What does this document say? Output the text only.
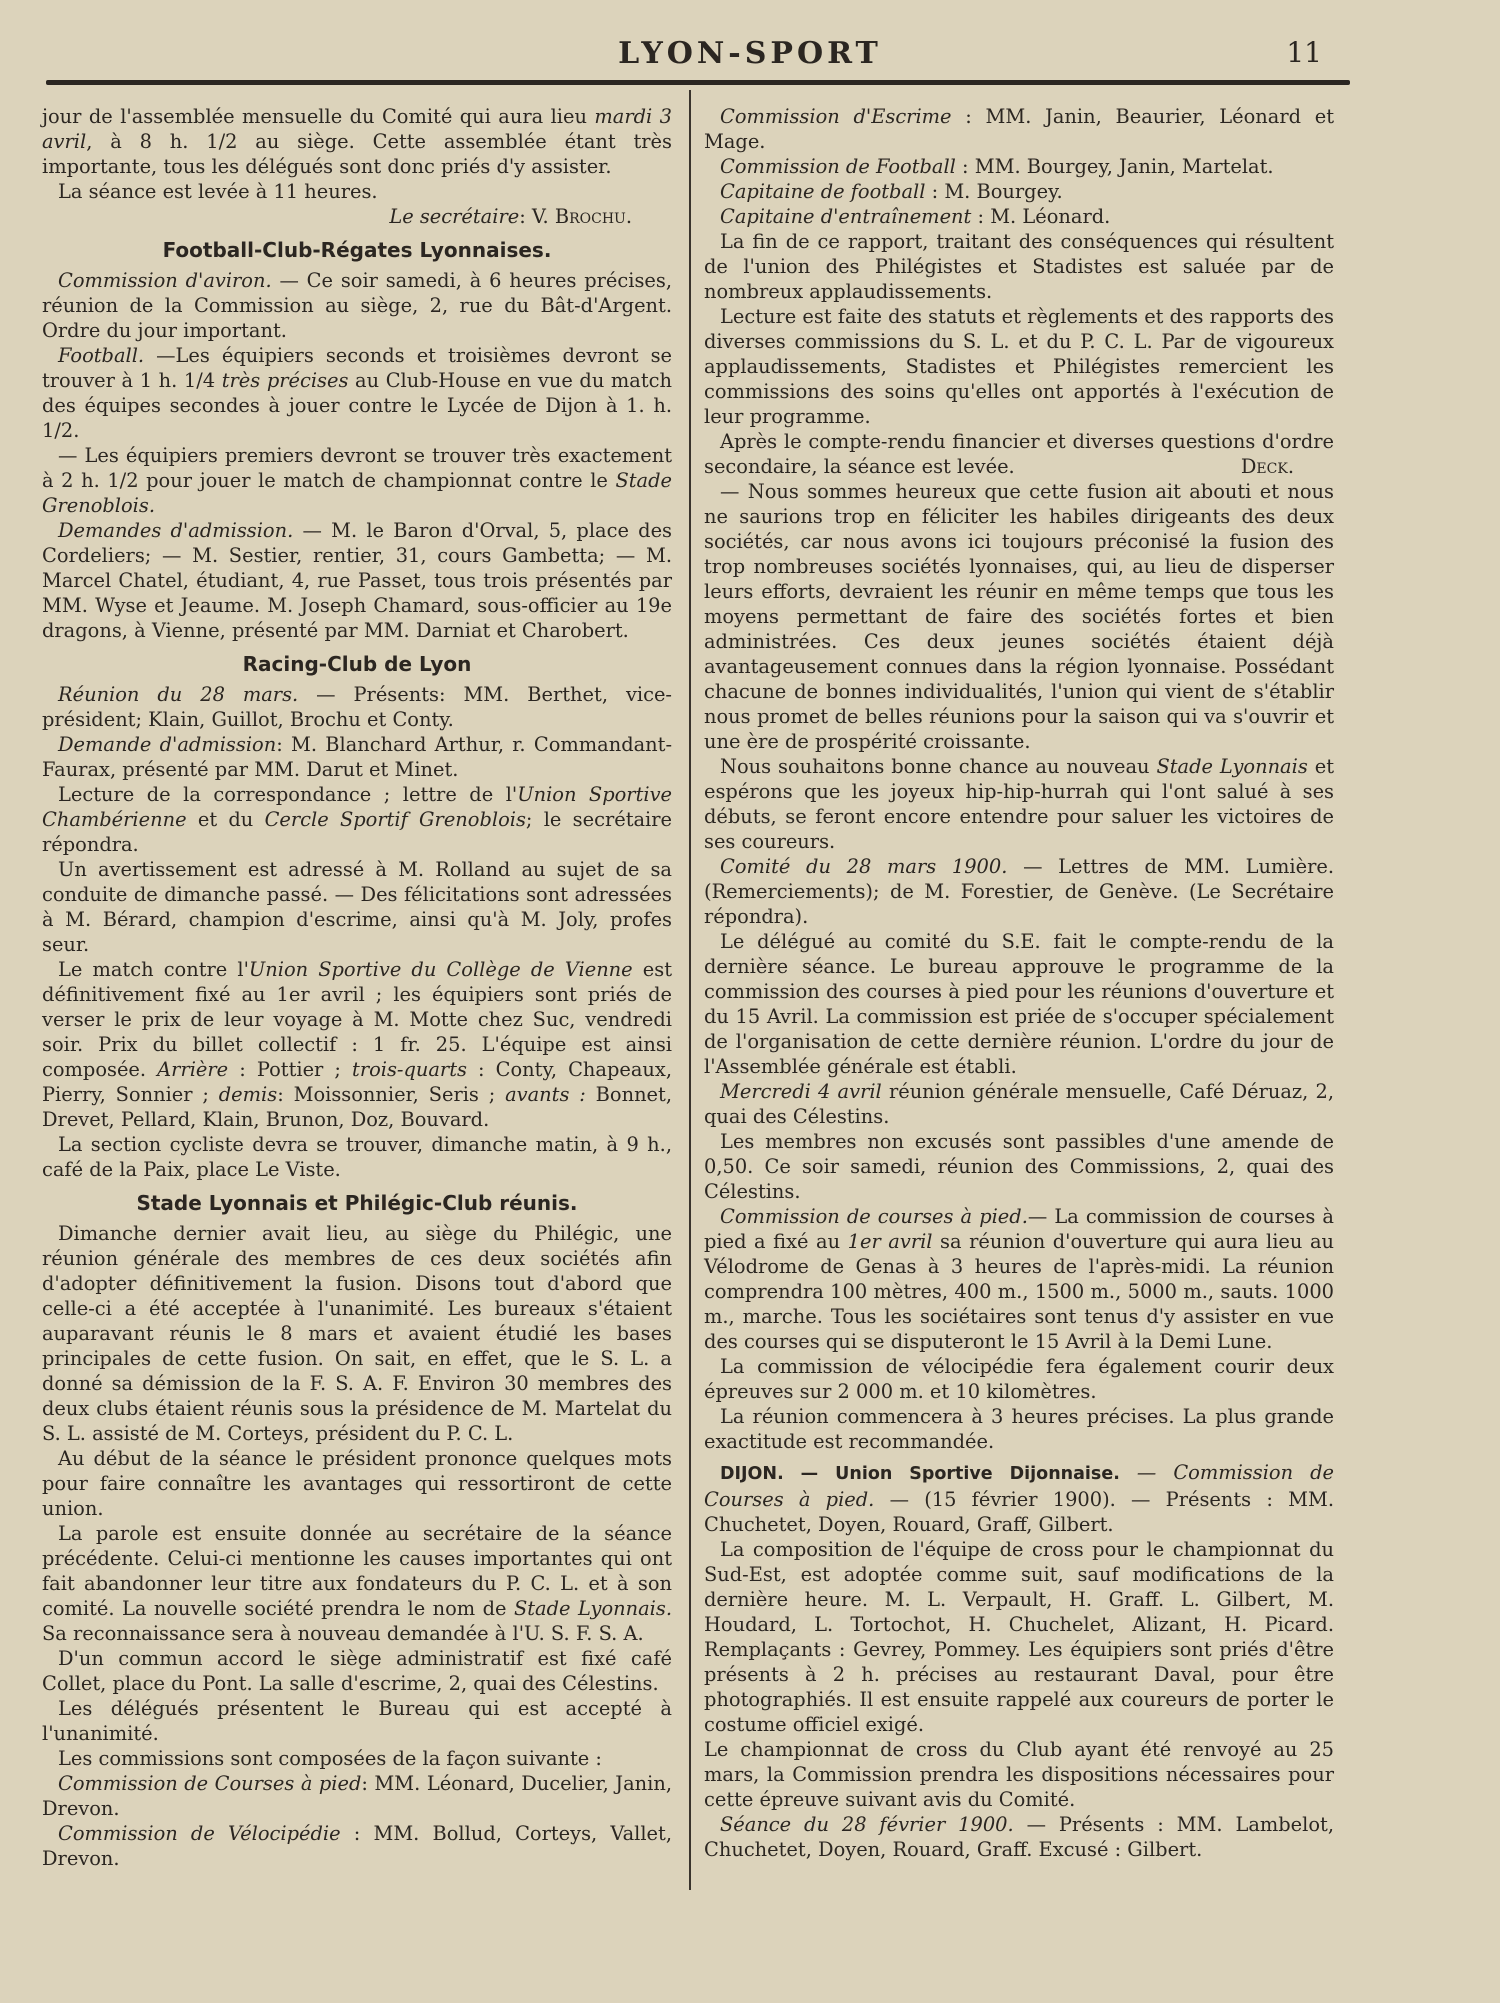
LYON-SPORT	11

jour de l'assemblée mensuelle du Comité qui aura lieu mardi 3 avril, à 8 h. 1/2 au siège. Cette assemblée étant très importante, tous les délégués sont donc priés d'y assister.

La séance est levée à 11 heures.

Le secrétaire: V. Brochu.

Football-Club-Régates Lyonnaises.

Commission d'aviron. — Ce soir samedi, à 6 heures précises, réunion de la Commission au siège, 2, rue du Bât-d'Argent. Ordre du jour important.

Football. —Les équipiers seconds et troisièmes devront se trouver à 1 h. 1/4 très précises au Club-House en vue du match des équipes secondes à jouer contre le Lycée de Dijon à 1. h. 1/2.

— Les équipiers premiers devront se trouver très exactement à 2 h. 1/2 pour jouer le match de championnat contre le Stade Grenoblois.

Demandes d'admission. — M. le Baron d'Orval, 5, place des Cordeliers; — M. Sestier, rentier, 31, cours Gambetta; — M. Marcel Chatel, étudiant, 4, rue Passet, tous trois présentés par MM. Wyse et Jeaume. M. Joseph Chamard, sous-officier au 19e dragons, à Vienne, présenté par MM. Darniat et Charobert.

Racing-Club de Lyon

Réunion du 28 mars. — Présents: MM. Berthet, vice-président; Klain, Guillot, Brochu et Conty.

Demande d'admission: M. Blanchard Arthur, r. Commandant-Faurax, présenté par MM. Darut et Minet.

Lecture de la correspondance ; lettre de l'Union Sportive Chambérienne et du Cercle Sportif Grenoblois; le secrétaire répondra.

Un avertissement est adressé à M. Rolland au sujet de sa conduite de dimanche passé. — Des félicitations sont adressées à M. Bérard, champion d'escrime, ainsi qu'à M. Joly, profes seur.

Le match contre l'Union Sportive du Collège de Vienne est définitivement fixé au 1er avril ; les équipiers sont priés de verser le prix de leur voyage à M. Motte chez Suc, vendredi soir. Prix du billet collectif : 1 fr. 25. L'équipe est ainsi composée. Arrière : Pottier ; trois-quarts : Conty, Chapeaux, Pierry, Sonnier ; demis: Moissonnier, Seris ; avants : Bonnet, Drevet, Pellard, Klain, Brunon, Doz, Bouvard.

La section cycliste devra se trouver, dimanche matin, à 9 h., café de la Paix, place Le Viste.

Stade Lyonnais et Philégic-Club réunis.

Dimanche dernier avait lieu, au siège du Philégic, une réunion générale des membres de ces deux sociétés afin d'adopter définitivement la fusion. Disons tout d'abord que celle-ci a été acceptée à l'unanimité. Les bureaux s'étaient auparavant réunis le 8 mars et avaient étudié les bases principales de cette fusion. On sait, en effet, que le S. L. a donné sa démission de la F. S. A. F. Environ 30 membres des deux clubs étaient réunis sous la présidence de M. Martelat du S. L. assisté de M. Corteys, président du P. C. L.

Au début de la séance le président prononce quelques mots pour faire connaître les avantages qui ressortiront de cette union.

La parole est ensuite donnée au secrétaire de la séance précédente. Celui-ci mentionne les causes importantes qui ont fait abandonner leur titre aux fondateurs du P. C. L. et à son comité. La nouvelle société prendra le nom de Stade Lyonnais. Sa reconnaissance sera à nouveau demandée à l'U. S. F. S. A.

D'un commun accord le siège administratif est fixé café Collet, place du Pont. La salle d'escrime, 2, quai des Célestins.

Les délégués présentent le Bureau qui est accepté à l'unanimité.

Les commissions sont composées de la façon suivante :

Commission de Courses à pied: MM. Léonard, Ducelier, Janin, Drevon.

Commission de Vélocipédie : MM. Bollud, Corteys, Vallet, Drevon.

Commission d'Escrime : MM. Janin, Beaurier, Léonard et Mage.

Commission de Football : MM. Bourgey, Janin, Martelat.

Capitaine de football : M. Bourgey.

Capitaine d'entraînement : M. Léonard.

La fin de ce rapport, traitant des conséquences qui résultent de l'union des Philégistes et Stadistes est saluée par de nombreux applaudissements.

Lecture est faite des statuts et règlements et des rapports des diverses commissions du S. L. et du P. C. L. Par de vigoureux applaudissements, Stadistes et Philégistes remercient les commissions des soins qu'elles ont apportés à l'exécution de leur programme.

Après le compte-rendu financier et diverses questions d'ordre secondaire, la séance est levée.	Deck.

— Nous sommes heureux que cette fusion ait abouti et nous ne saurions trop en féliciter les habiles dirigeants des deux sociétés, car nous avons ici toujours préconisé la fusion des trop nombreuses sociétés lyonnaises, qui, au lieu de disperser leurs efforts, devraient les réunir en même temps que tous les moyens permettant de faire des sociétés fortes et bien administrées. Ces deux jeunes sociétés étaient déjà avantageusement connues dans la région lyonnaise. Possédant chacune de bonnes individualités, l'union qui vient de s'établir nous promet de belles réunions pour la saison qui va s'ouvrir et une ère de prospérité croissante.

Nous souhaitons bonne chance au nouveau Stade Lyonnais et espérons que les joyeux hip-hip-hurrah qui l'ont salué à ses débuts, se feront encore entendre pour saluer les victoires de ses coureurs.

Comité du 28 mars 1900. — Lettres de MM. Lumière. (Remerciements); de M. Forestier, de Genève. (Le Secrétaire répondra).

Le délégué au comité du S.E. fait le compte-rendu de la dernière séance. Le bureau approuve le programme de la commission des courses à pied pour les réunions d'ouverture et du 15 Avril. La commission est priée de s'occuper spécialement de l'organisation de cette dernière réunion. L'ordre du jour de l'Assemblée générale est établi.

Mercredi 4 avril réunion générale mensuelle, Café Déruaz, 2, quai des Célestins.

Les membres non excusés sont passibles d'une amende de 0,50. Ce soir samedi, réunion des Commissions, 2, quai des Célestins.

Commission de courses à pied.— La commission de courses à pied a fixé au 1er avril sa réunion d'ouverture qui aura lieu au Vélodrome de Genas à 3 heures de l'après-midi. La réunion comprendra 100 mètres, 400 m., 1500 m., 5000 m., sauts. 1000 m., marche. Tous les sociétaires sont tenus d'y assister en vue des courses qui se disputeront le 15 Avril à la Demi Lune.

La commission de vélocipédie fera également courir deux épreuves sur 2 000 m. et 10 kilomètres.

La réunion commencera à 3 heures précises. La plus grande exactitude est recommandée.

DIJON. — Union Sportive Dijonnaise. — Commission de Courses à pied. — (15 février 1900). — Présents : MM. Chuchetet, Doyen, Rouard, Graff, Gilbert.

La composition de l'équipe de cross pour le championnat du Sud-Est, est adoptée comme suit, sauf modifications de la dernière heure. M. L. Verpault, H. Graff. L. Gilbert, M. Houdard, L. Tortochot, H. Chuchelet, Alizant, H. Picard. Remplaçants : Gevrey, Pommey. Les équipiers sont priés d'être présents à 2 h. précises au restaurant Daval, pour être photographiés. Il est ensuite rappelé aux coureurs de porter le costume officiel exigé.

Le championnat de cross du Club ayant été renvoyé au 25 mars, la Commission prendra les dispositions nécessaires pour cette épreuve suivant avis du Comité.

Séance du 28 février 1900. — Présents : MM. Lambelot, Chuchetet, Doyen, Rouard, Graff. Excusé : Gilbert.
